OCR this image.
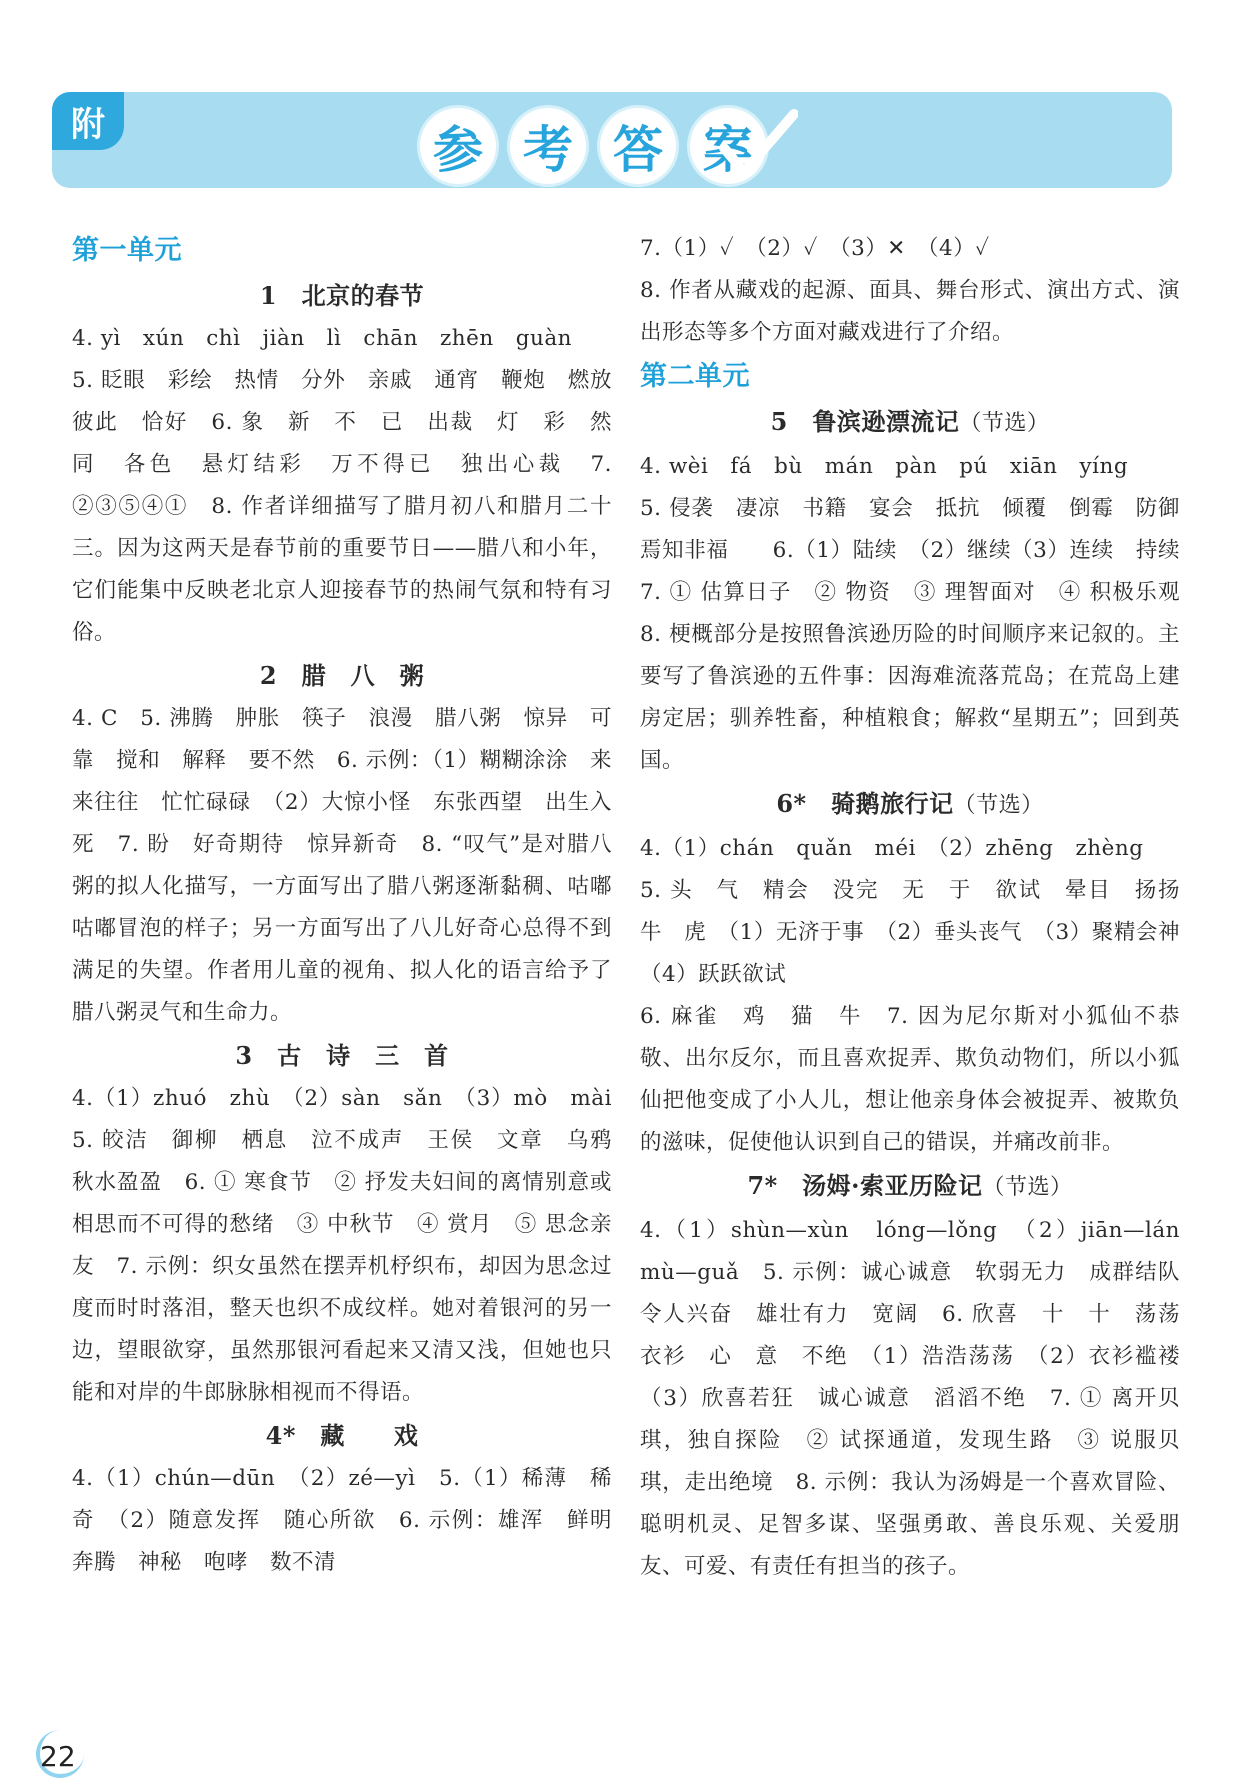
附	参 考 答 案
第一单元
1　北京的春节

4. yì　xún　chì　jiàn　lì　chān　zhēn　guàn

5. 眨眼　彩绘　热情　分外　亲戚　通宵　鞭炮　燃放　彼此　恰好　6. 象　新　不　已　出裁　灯　彩　然　同　各色　悬灯结彩　万不得已　独出心裁　7. ②③⑤④①　8. 作者详细描写了腊月初八和腊月二十三。因为这两天是春节前的重要节日——腊八和小年，它们能集中反映老北京人迎接春节的热闹气氛和特有习俗。

2　腊　八　粥

4. C　5. 沸腾　肿胀　筷子　浪漫　腊八粥　惊异　可靠　搅和　解释　要不然　6. 示例：（1）糊糊涂涂　来来往往　忙忙碌碌　（2）大惊小怪　东张西望　出生入死　7. 盼　好奇期待　惊异新奇　8. “叹气”是对腊八粥的拟人化描写，一方面写出了腊八粥逐渐黏稠、咕嘟咕嘟冒泡的样子；另一方面写出了八儿好奇心总得不到满足的失望。作者用儿童的视角、拟人化的语言给予了腊八粥灵气和生命力。

3　古　诗　三　首

4.（1）zhuó　zhù　（2）sàn　sǎn　（3）mò　mài　5. 皎洁　御柳　栖息　泣不成声　王侯　文章　乌鸦　秋水盈盈　6. ① 寒食节　② 抒发夫妇间的离情别意或相思而不可得的愁绪　③ 中秋节　④ 赏月　⑤ 思念亲友　7. 示例：织女虽然在摆弄机杼织布，却因为思念过度而时时落泪，整天也织不成纹样。她对着银河的另一边，望眼欲穿，虽然那银河看起来又清又浅，但她也只能和对岸的牛郎脉脉相视而不得语。

4*　藏　　戏

4.（1）chún—dūn　（2）zé—yì　5.（1）稀薄　稀奇　（2）随意发挥　随心所欲　6. 示例：雄浑　鲜明　奔腾　神秘　咆哮　数不清

7.（1）✓　（2）✓　（3）✕　（4）✓

8. 作者从藏戏的起源、面具、舞台形式、演出方式、演出形态等多个方面对藏戏进行了介绍。

第二单元
5　鲁滨逊漂流记（节选）

4. wèi　fá　bù　mán　pàn　pú　xiān　yíng

5. 侵袭　凄凉　书籍　宴会　抵抗　倾覆　倒霉　防御　焉知非福　　6.（1）陆续　（2）继续（3）连续　持续　7. ① 估算日子　② 物资　③ 理智面对　④ 积极乐观　8. 梗概部分是按照鲁滨逊历险的时间顺序来记叙的。主要写了鲁滨逊的五件事：因海难流落荒岛；在荒岛上建房定居；驯养牲畜，种植粮食；解救“星期五”；回到英国。

6*　骑鹅旅行记（节选）

4.（1）chán　quǎn　méi　（2）zhēng　zhèng

5. 头　气　精会　没完　无　于　欲试　晕目　扬扬　牛　虎　（1）无济于事　（2）垂头丧气　（3）聚精会神　（4）跃跃欲试

6. 麻雀　鸡　猫　牛　7. 因为尼尔斯对小狐仙不恭敬、出尔反尔，而且喜欢捉弄、欺负动物们，所以小狐仙把他变成了小人儿，想让他亲身体会被捉弄、被欺负的滋味，促使他认识到自己的错误，并痛改前非。

7*　汤姆·索亚历险记（节选）

4.（1）shùn—xùn　lóng—lǒng　（2）jiān—lán　mù—guǎ　5. 示例：诚心诚意　软弱无力　成群结队　令人兴奋　雄壮有力　宽阔　6. 欣喜　十　十　荡荡　衣衫　心　意　不绝　（1）浩浩荡荡　（2）衣衫褴褛　（3）欣喜若狂　诚心诚意　滔滔不绝　7. ① 离开贝琪，独自探险　② 试探通道，发现生路　③ 说服贝琪，走出绝境　8. 示例：我认为汤姆是一个喜欢冒险、聪明机灵、足智多谋、坚强勇敢、善良乐观、关爱朋友、可爱、有责任有担当的孩子。

22
